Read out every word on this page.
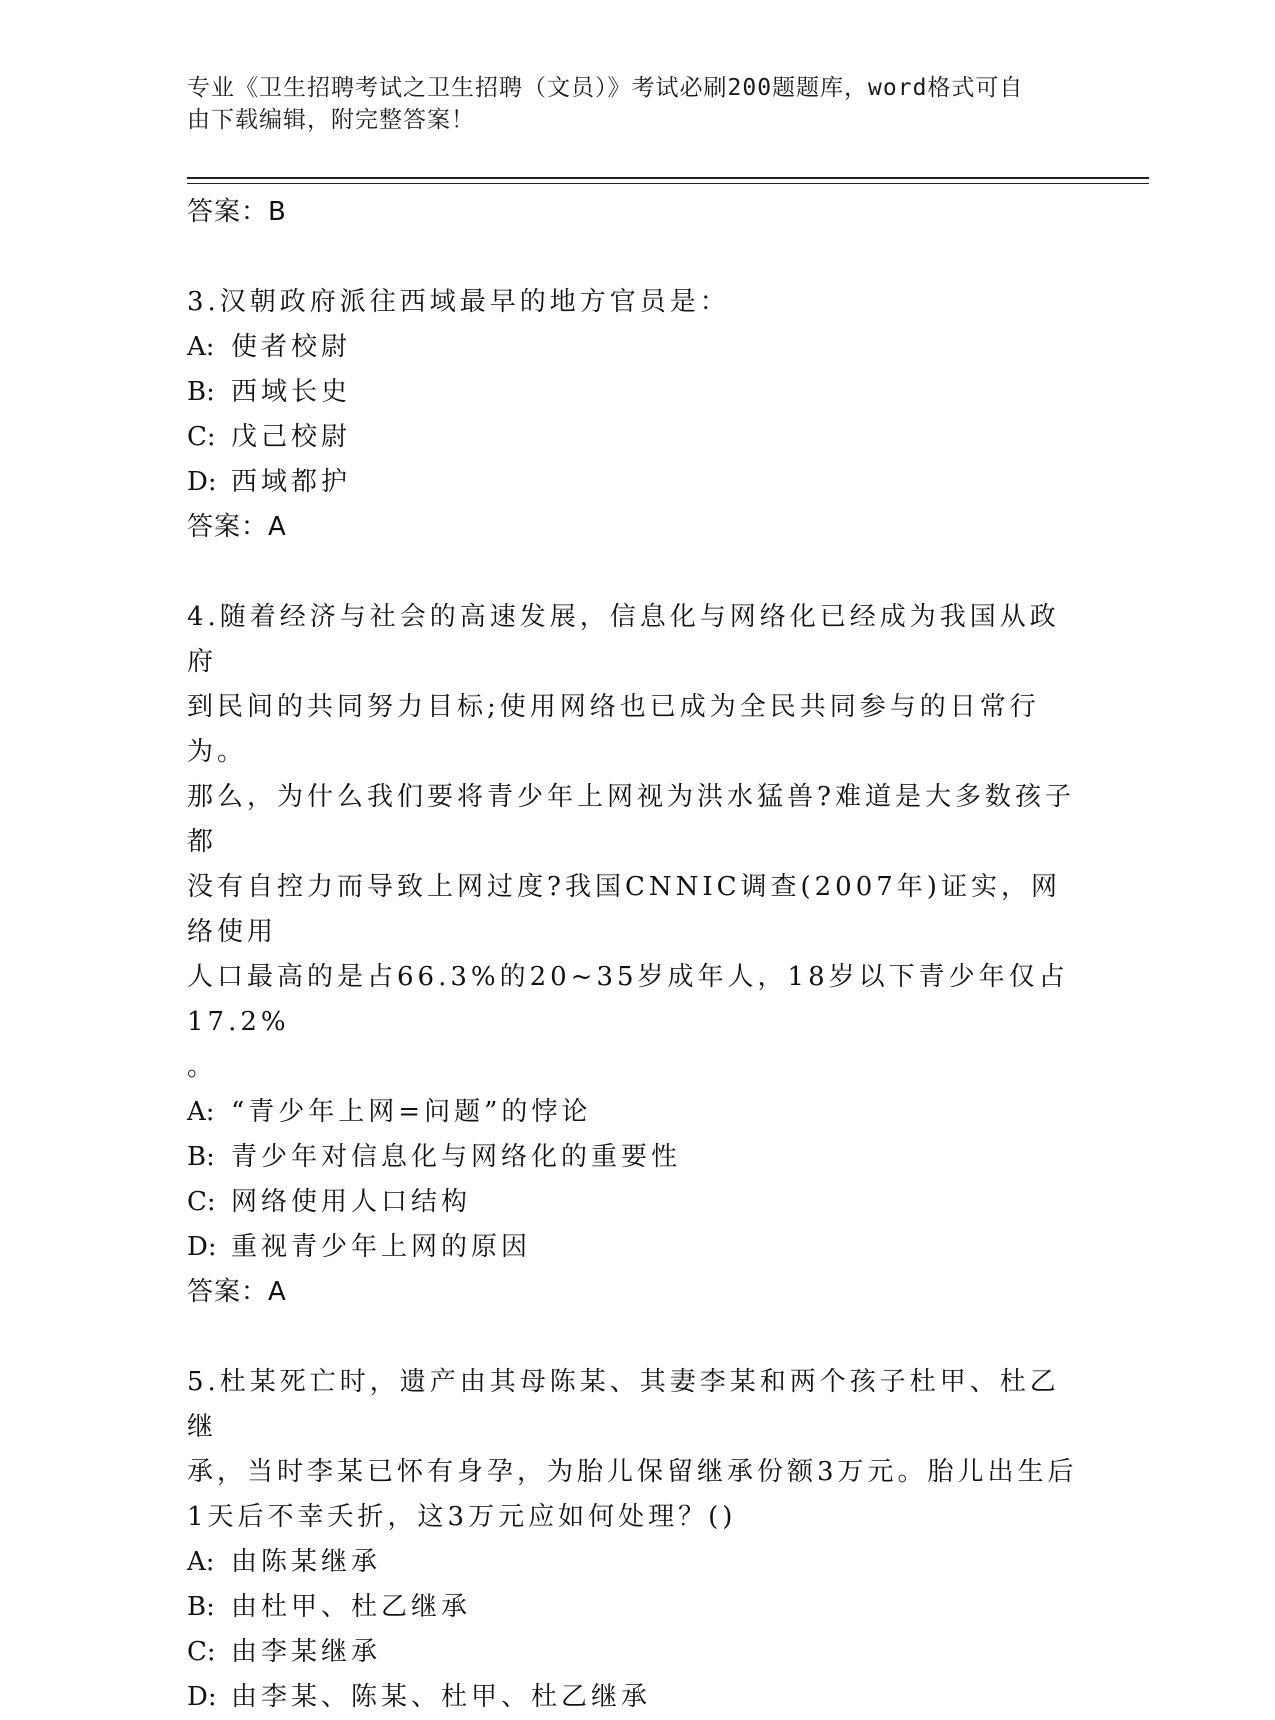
专业《卫生招聘考试之卫生招聘（文员）》考试必刷200题题库，word格式可自
由下载编辑，附完整答案！
答案：B
3.汉朝政府派往西域最早的地方官员是：
A: 使者校尉
B: 西域长史
C: 戊己校尉
D: 西域都护
答案：A
4.随着经济与社会的高速发展，信息化与网络化已经成为我国从政府
到民间的共同努力目标;使用网络也已成为全民共同参与的日常行为。
那么，为什么我们要将青少年上网视为洪水猛兽?难道是大多数孩子都
没有自控力而导致上网过度?我国CNNIC调查(2007年)证实，网络使用
人口最高的是占66.3%的20~35岁成年人，18岁以下青少年仅占17.2%
。
A: “青少年上网=问题”的悖论
B: 青少年对信息化与网络化的重要性
C: 网络使用人口结构
D: 重视青少年上网的原因
答案：A
5.杜某死亡时，遗产由其母陈某、其妻李某和两个孩子杜甲、杜乙继
承，当时李某已怀有身孕，为胎儿保留继承份额3万元。胎儿出生后
1天后不幸夭折，这3万元应如何处理？()
A: 由陈某继承
B: 由杜甲、杜乙继承
C: 由李某继承
D: 由李某、陈某、杜甲、杜乙继承
